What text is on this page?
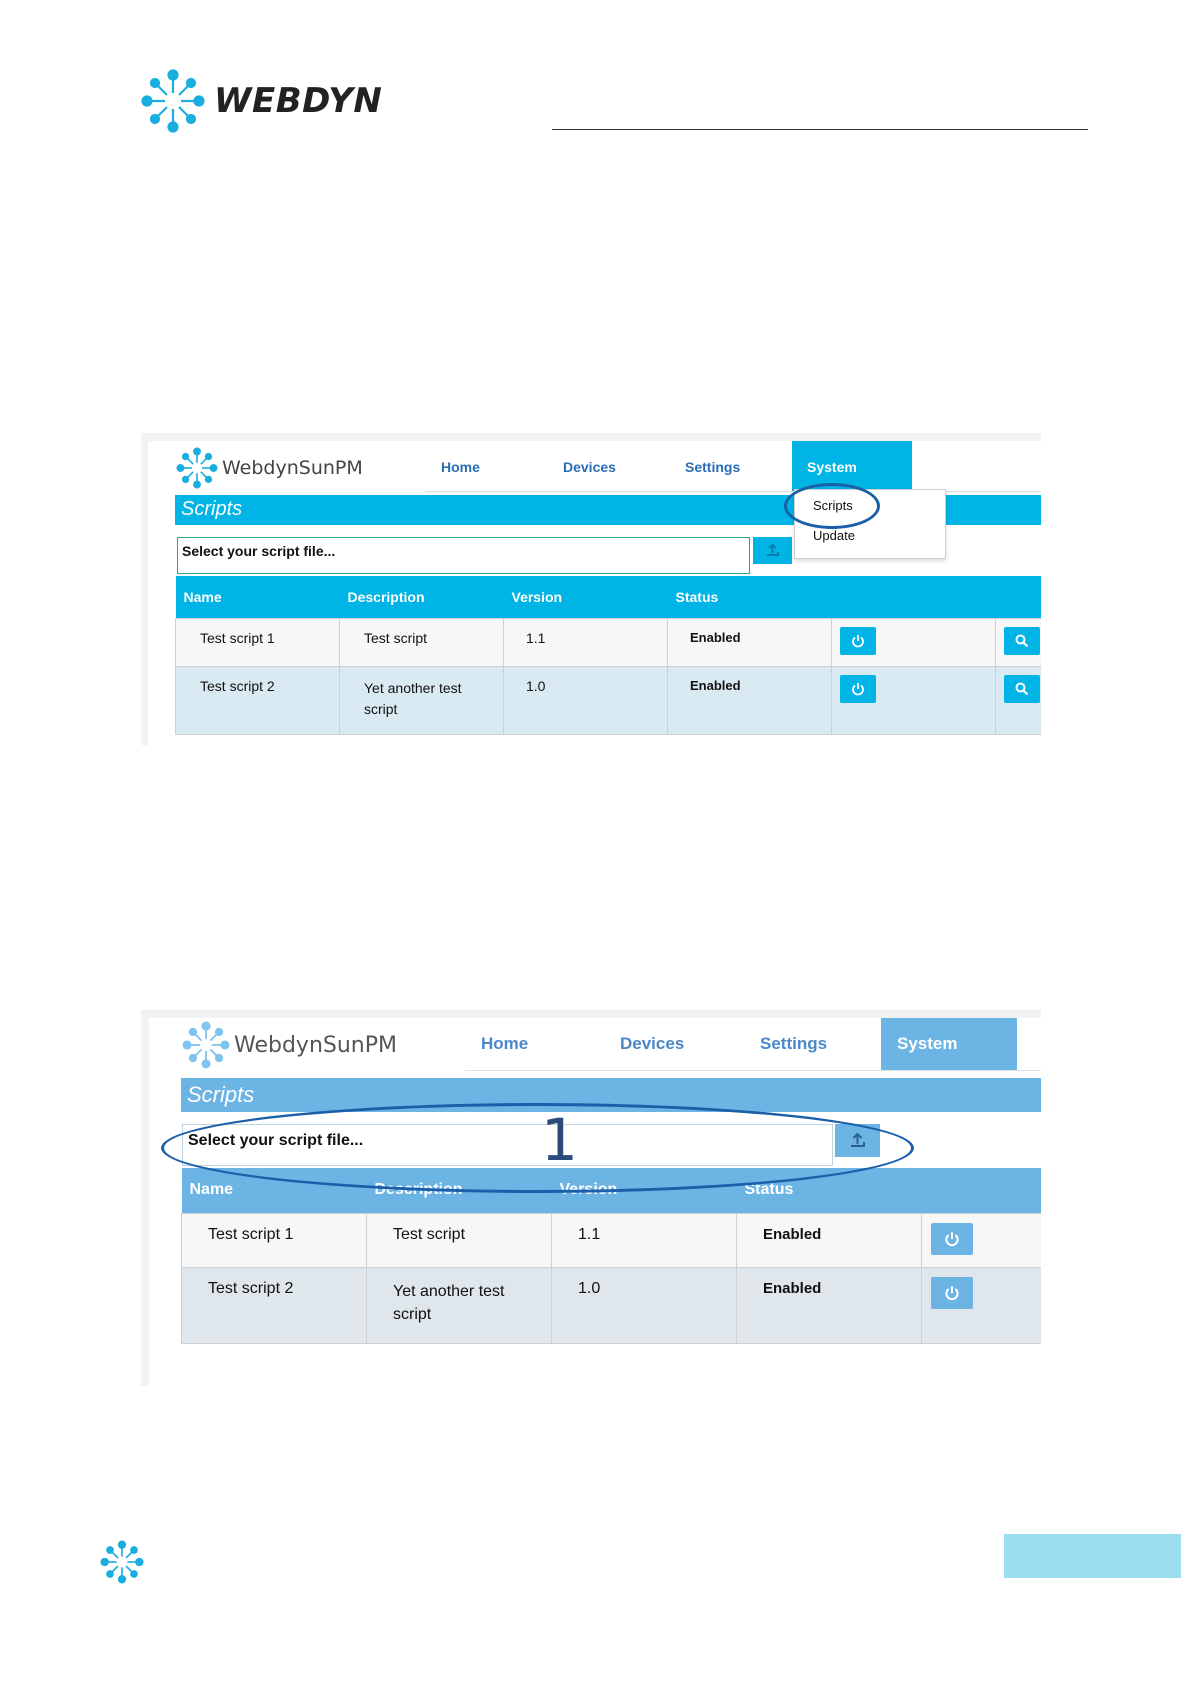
WEBDYN
WebdynSunPM	Home	Devices	Settings	System
Scripts
Select your script file...
Name	Description	Version	Status		
Test script 1	Test script	1.1	Enabled	

Test script 2	Yet another test script	1.0	Enabled	

Scripts
Update
WebdynSunPM	Home	Devices	Settings	System
Scripts
Select your script file...
Name	Description	Version	Status	
Test script 1	Test script	1.1	Enabled	

Test script 2	Yet another test script	1.0	Enabled	
1
